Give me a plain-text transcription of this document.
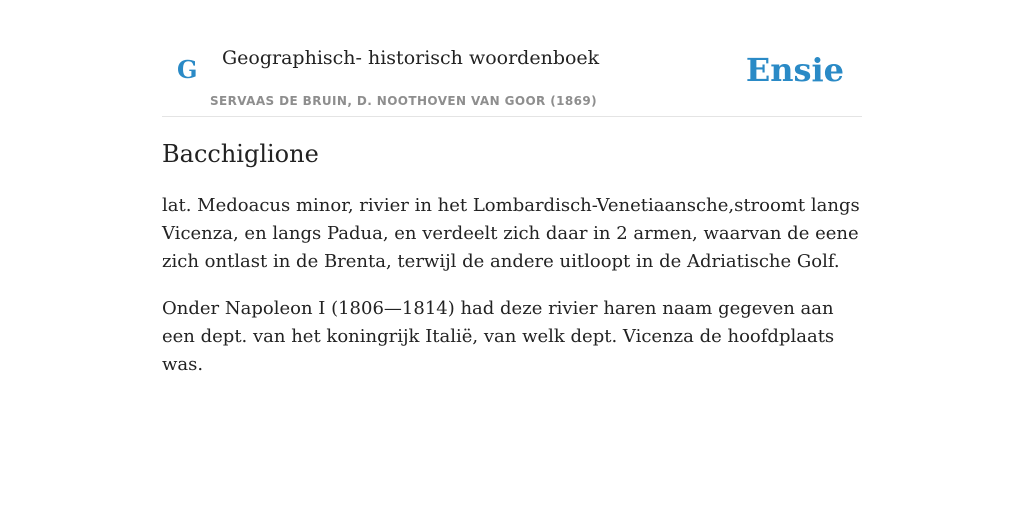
G Geographisch- historisch woordenboek
SERVAAS DE BRUIN, D. NOOTHOVEN VAN GOOR (1869)
Ensie
Bacchiglione

lat. Medoacus minor, rivier in het Lombardisch-Venetiaansche,stroomt langs Vicenza, en langs Padua, en verdeelt zich daar in 2 armen, waarvan de eene zich ontlast in de Brenta, terwijl de andere uitloopt in de Adriatische Golf.

Onder Napoleon I (1806—1814) had deze rivier haren naam gegeven aan een dept. van het koningrijk Italië, van welk dept. Vicenza de hoofdplaats was.
